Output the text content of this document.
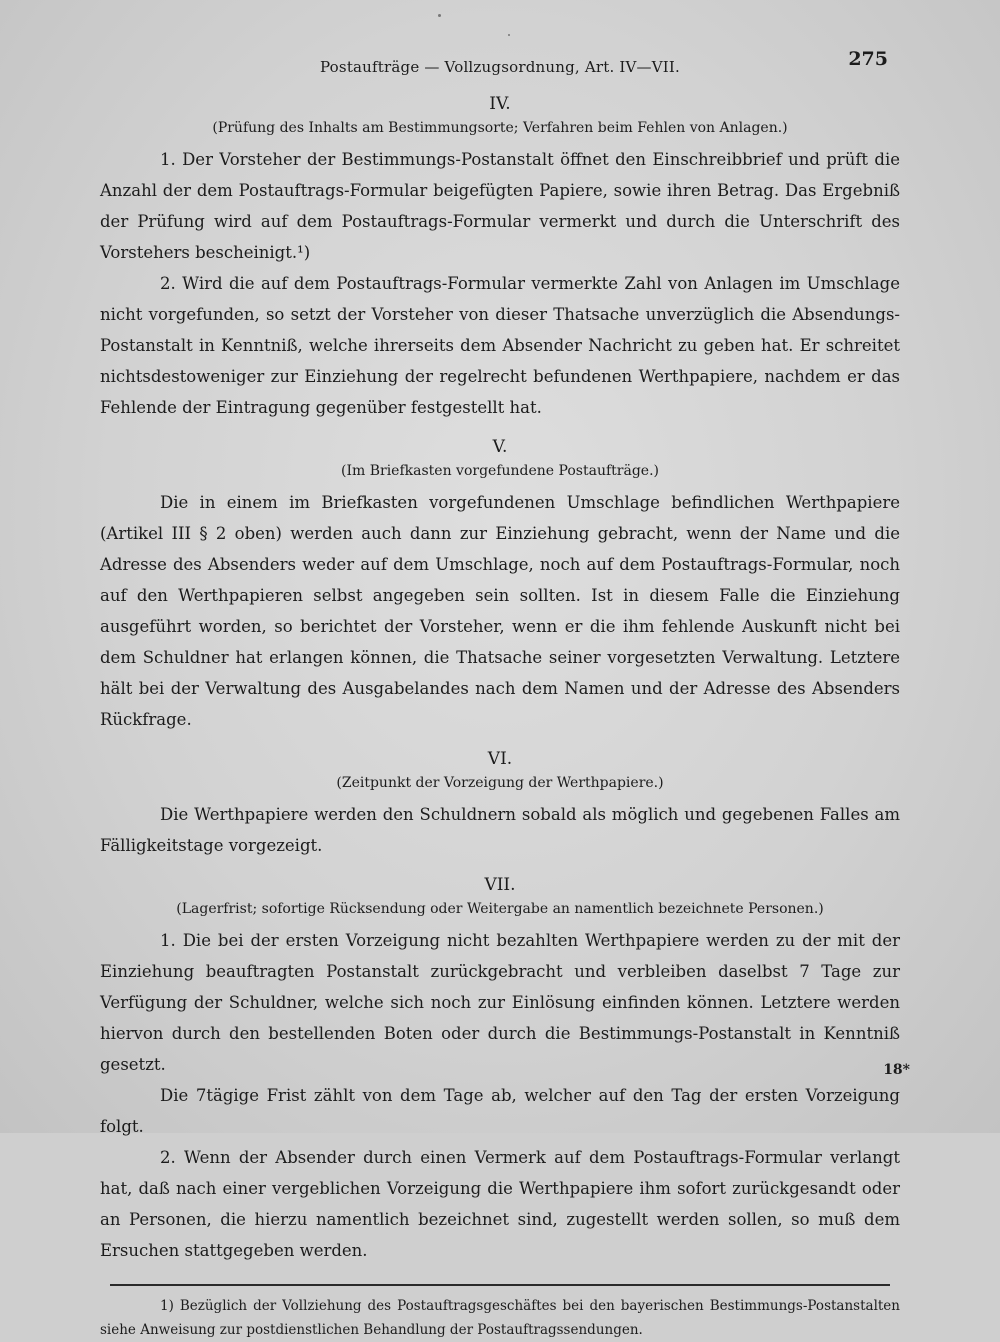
Postaufträge — Vollzugsordnung, Art. IV—VII.	275
IV.
(Prüfung des Inhalts am Bestimmungsorte; Verfahren beim Fehlen von Anlagen.)

1. Der Vorsteher der Bestimmungs-Postanstalt öffnet den Einschreibbrief und prüft die Anzahl der dem Postauftrags-Formular beigefügten Papiere, sowie ihren Betrag. Das Ergebniß der Prüfung wird auf dem Postauftrags-Formular vermerkt und durch die Unterschrift des Vorstehers bescheinigt.¹)

2. Wird die auf dem Postauftrags-Formular vermerkte Zahl von Anlagen im Umschlage nicht vorgefunden, so setzt der Vorsteher von dieser Thatsache unverzüglich die Absendungs-Postanstalt in Kenntniß, welche ihrerseits dem Absender Nachricht zu geben hat. Er schreitet nichtsdestoweniger zur Einziehung der regelrecht befundenen Werthpapiere, nachdem er das Fehlende der Eintragung gegenüber festgestellt hat.

V.
(Im Briefkasten vorgefundene Postaufträge.)

Die in einem im Briefkasten vorgefundenen Umschlage befindlichen Werthpapiere (Artikel III § 2 oben) werden auch dann zur Einziehung gebracht, wenn der Name und die Adresse des Absenders weder auf dem Umschlage, noch auf dem Postauftrags-Formular, noch auf den Werthpapieren selbst angegeben sein sollten. Ist in diesem Falle die Einziehung ausgeführt worden, so berichtet der Vorsteher, wenn er die ihm fehlende Auskunft nicht bei dem Schuldner hat erlangen können, die Thatsache seiner vorgesetzten Verwaltung. Letztere hält bei der Verwaltung des Ausgabelandes nach dem Namen und der Adresse des Absenders Rückfrage.

VI.
(Zeitpunkt der Vorzeigung der Werthpapiere.)

Die Werthpapiere werden den Schuldnern sobald als möglich und gegebenen Falles am Fälligkeitstage vorgezeigt.

VII.
(Lagerfrist; sofortige Rücksendung oder Weitergabe an namentlich bezeichnete Personen.)

1. Die bei der ersten Vorzeigung nicht bezahlten Werthpapiere werden zu der mit der Einziehung beauftragten Postanstalt zurückgebracht und verbleiben daselbst 7 Tage zur Verfügung der Schuldner, welche sich noch zur Einlösung einfinden können. Letztere werden hiervon durch den bestellenden Boten oder durch die Bestimmungs-Postanstalt in Kenntniß gesetzt.

Die 7tägige Frist zählt von dem Tage ab, welcher auf den Tag der ersten Vorzeigung folgt.

2. Wenn der Absender durch einen Vermerk auf dem Postauftrags-Formular verlangt hat, daß nach einer vergeblichen Vorzeigung die Werthpapiere ihm sofort zurückgesandt oder an Personen, die hierzu namentlich bezeichnet sind, zugestellt werden sollen, so muß dem Ersuchen stattgegeben werden.

1) Bezüglich der Vollziehung des Postauftragsgeschäftes bei den bayerischen Bestimmungs-Postanstalten siehe Anweisung zur postdienstlichen Behandlung der Postauftragssendungen.

18*
